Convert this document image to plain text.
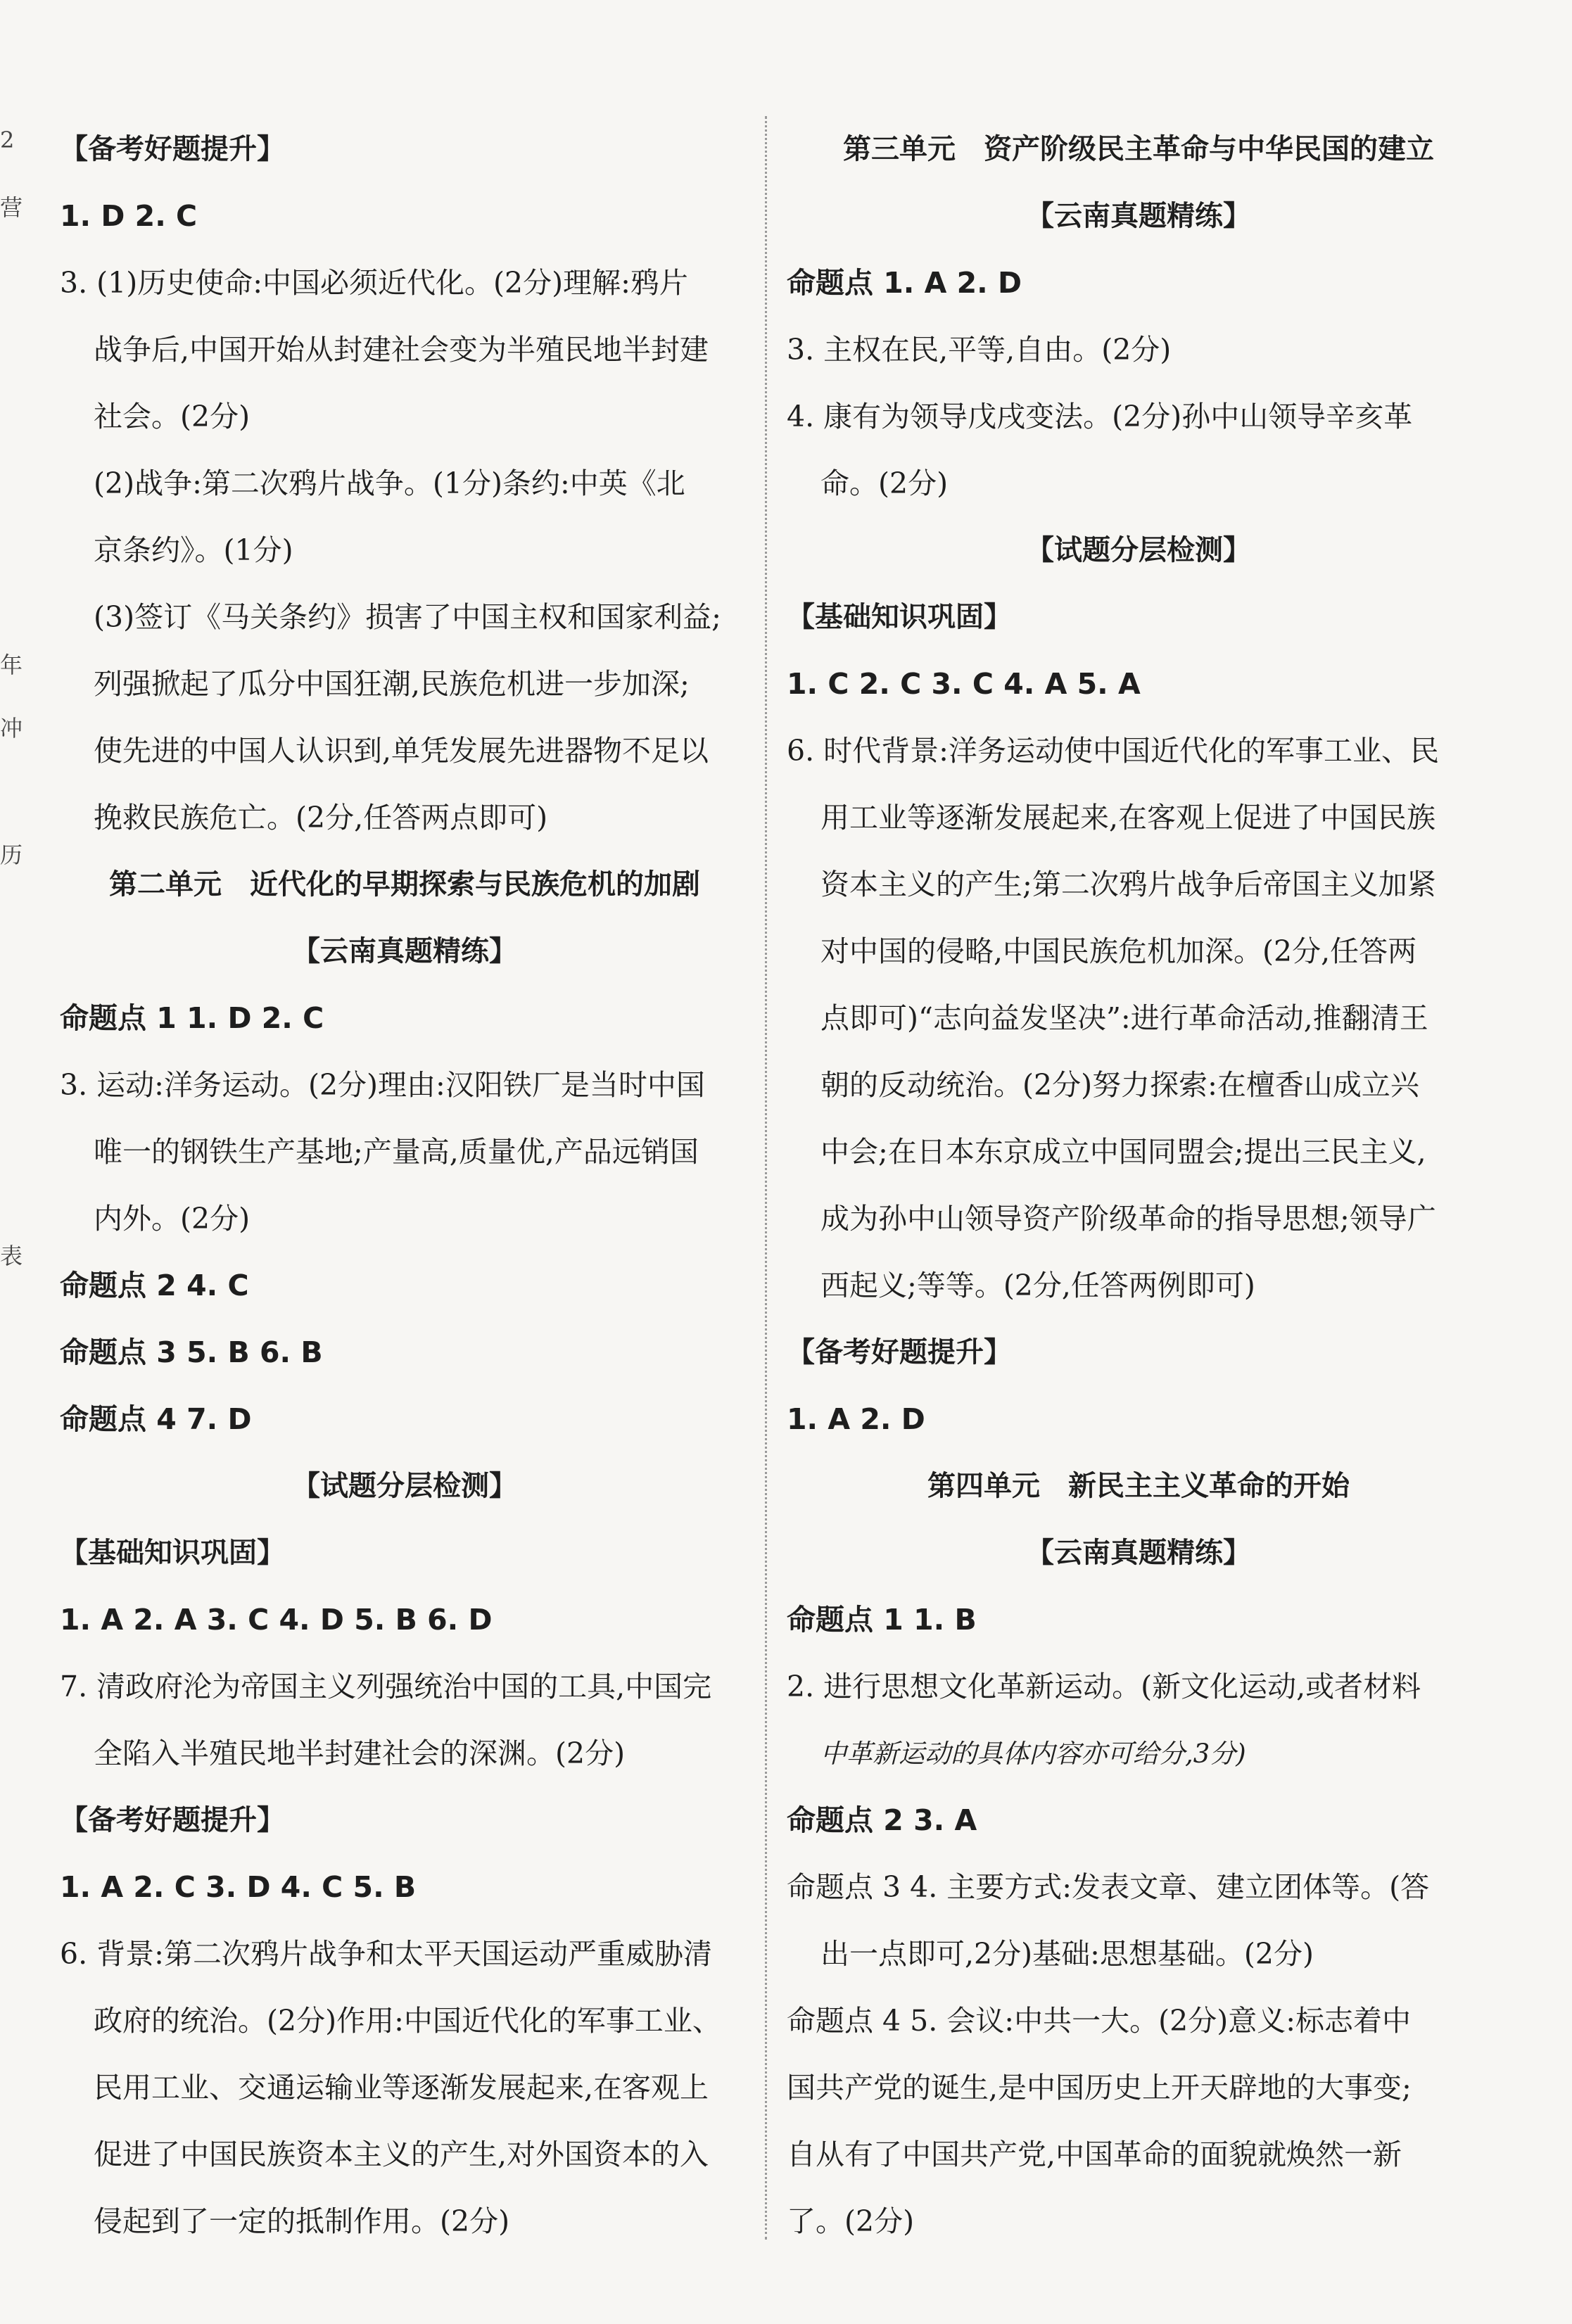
2
营
年
冲
历
表
【备考好题提升】
1. D 2. C
3. (1)历史使命:中国必须近代化。(2分)理解:鸦片
战争后,中国开始从封建社会变为半殖民地半封建
社会。(2分)
(2)战争:第二次鸦片战争。(1分)条约:中英《北
京条约》。(1分)
(3)签订《马关条约》损害了中国主权和国家利益;
列强掀起了瓜分中国狂潮,民族危机进一步加深;
使先进的中国人认识到,单凭发展先进器物不足以
挽救民族危亡。(2分,任答两点即可)
第二单元　近代化的早期探索与民族危机的加剧
【云南真题精练】
命题点 1 1. D 2. C
3. 运动:洋务运动。(2分)理由:汉阳铁厂是当时中国
唯一的钢铁生产基地;产量高,质量优,产品远销国
内外。(2分)
命题点 2 4. C
命题点 3 5. B 6. B
命题点 4 7. D
【试题分层检测】
【基础知识巩固】
1. A 2. A 3. C 4. D 5. B 6. D
7. 清政府沦为帝国主义列强统治中国的工具,中国完
全陷入半殖民地半封建社会的深渊。(2分)
【备考好题提升】
1. A 2. C 3. D 4. C 5. B
6. 背景:第二次鸦片战争和太平天国运动严重威胁清
政府的统治。(2分)作用:中国近代化的军事工业、
民用工业、交通运输业等逐渐发展起来,在客观上
促进了中国民族资本主义的产生,对外国资本的入
侵起到了一定的抵制作用。(2分)
第三单元　资产阶级民主革命与中华民国的建立
【云南真题精练】
命题点 1. A 2. D
3. 主权在民,平等,自由。(2分)
4. 康有为领导戊戌变法。(2分)孙中山领导辛亥革
命。(2分)
【试题分层检测】
【基础知识巩固】
1. C 2. C 3. C 4. A 5. A
6. 时代背景:洋务运动使中国近代化的军事工业、民
用工业等逐渐发展起来,在客观上促进了中国民族
资本主义的产生;第二次鸦片战争后帝国主义加紧
对中国的侵略,中国民族危机加深。(2分,任答两
点即可)“志向益发坚决”:进行革命活动,推翻清王
朝的反动统治。(2分)努力探索:在檀香山成立兴
中会;在日本东京成立中国同盟会;提出三民主义,
成为孙中山领导资产阶级革命的指导思想;领导广
西起义;等等。(2分,任答两例即可)
【备考好题提升】
1. A 2. D
第四单元　新民主主义革命的开始
【云南真题精练】
命题点 1 1. B
2. 进行思想文化革新运动。(新文化运动,或者材料
中革新运动的具体内容亦可给分,3分)
命题点 2 3. A
命题点 3 4. 主要方式:发表文章、建立团体等。(答
出一点即可,2分)基础:思想基础。(2分)
命题点 4 5. 会议:中共一大。(2分)意义:标志着中
国共产党的诞生,是中国历史上开天辟地的大事变;
自从有了中国共产党,中国革命的面貌就焕然一新
了。(2分)
